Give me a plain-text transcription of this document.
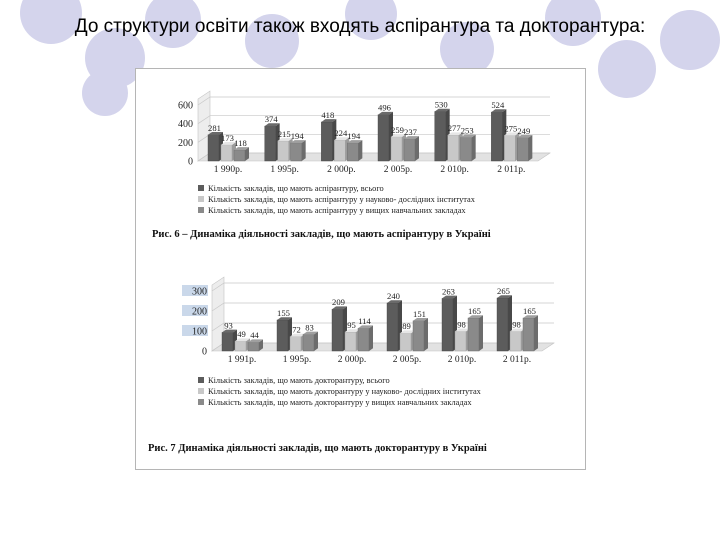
До структури освіти також входять аспірантура та докторантура:
0
200
400
600
281
173
118
1 990р.
374
215 194
1 995р.
418
224 194
2 000р.
496
259 237
2 005р.
530
277 253
2 010р.
524
275 249
2 011р.
0
100
200
300
93
49 44
1 991р.
155
72 83
1 995р.
209
95 114
2 000р.
240
89
151
2 005р.
263
98
165
2 010р.
265
98
165
2 011р.
Кількість закладів, що мають аспірантуру, всього
Кількість закладів, що мають аспірантуру у науково- дослідних інститутах
Кількість закладів, що мають аспірантуру у вищих навчальних закладах
Рис. 6 – Динаміка діяльності закладів, що мають аспірантуру в Україні
Кількість закладів, що мають докторантуру, всього
Кількість закладів, що мають докторантуру у науково- дослідних інститутах
Кількість закладів, що мають докторантуру у вищих навчальних закладах
Рис. 7 Динаміка діяльності закладів, що мають докторантуру в Україні
